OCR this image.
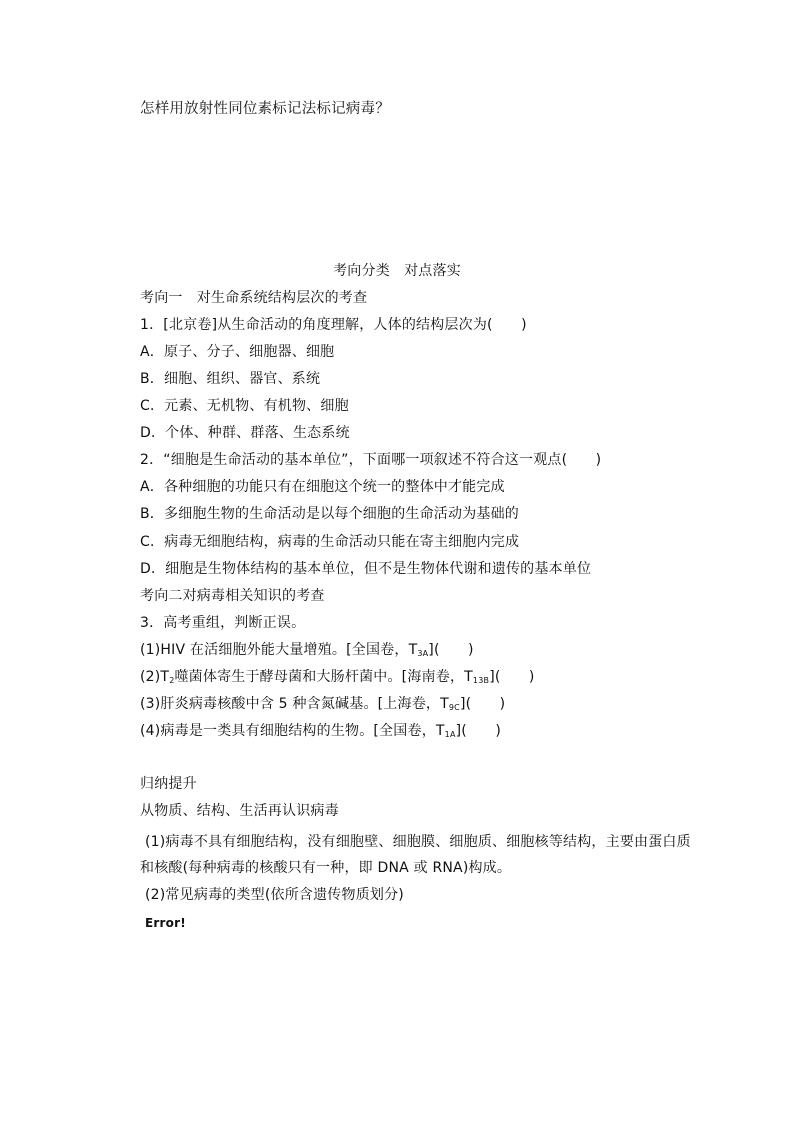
怎样用放射性同位素标记法标记病毒？
考向分类　对点落实
考向一　对生命系统结构层次的考查
1．[北京卷]从生命活动的角度理解，人体的结构层次为(　　)
A．原子、分子、细胞器、细胞
B．细胞、组织、器官、系统
C．元素、无机物、有机物、细胞
D．个体、种群、群落、生态系统
2．“细胞是生命活动的基本单位”，下面哪一项叙述不符合这一观点(　　)
A．各种细胞的功能只有在细胞这个统一的整体中才能完成
B．多细胞生物的生命活动是以每个细胞的生命活动为基础的
C．病毒无细胞结构，病毒的生命活动只能在寄主细胞内完成
D．细胞是生物体结构的基本单位，但不是生物体代谢和遗传的基本单位
考向二对病毒相关知识的考查
3．高考重组，判断正误。
(1)HIV 在活细胞外能大量增殖。[全国卷，$T_{3A}$](　　)
$(2)T_2$噬菌体寄生于酵母菌和大肠杆菌中。[海南卷，$T_{13B}$](　　)
(3)肝炎病毒核酸中含 5 种含氮碱基。[上海卷，$T_{9C}$](　　)
(4)病毒是一类具有细胞结构的生物。[全国卷，$T_{1A}$](　　)
归纳提升
从物质、结构、生活再认识病毒
(1)病毒不具有细胞结构，没有细胞壁、细胞膜、细胞质、细胞核等结构，主要由蛋白质
和核酸(每种病毒的核酸只有一种，即 DNA 或 RNA)构成。
(2)常见病毒的类型(依所含遗传物质划分)
Error!
